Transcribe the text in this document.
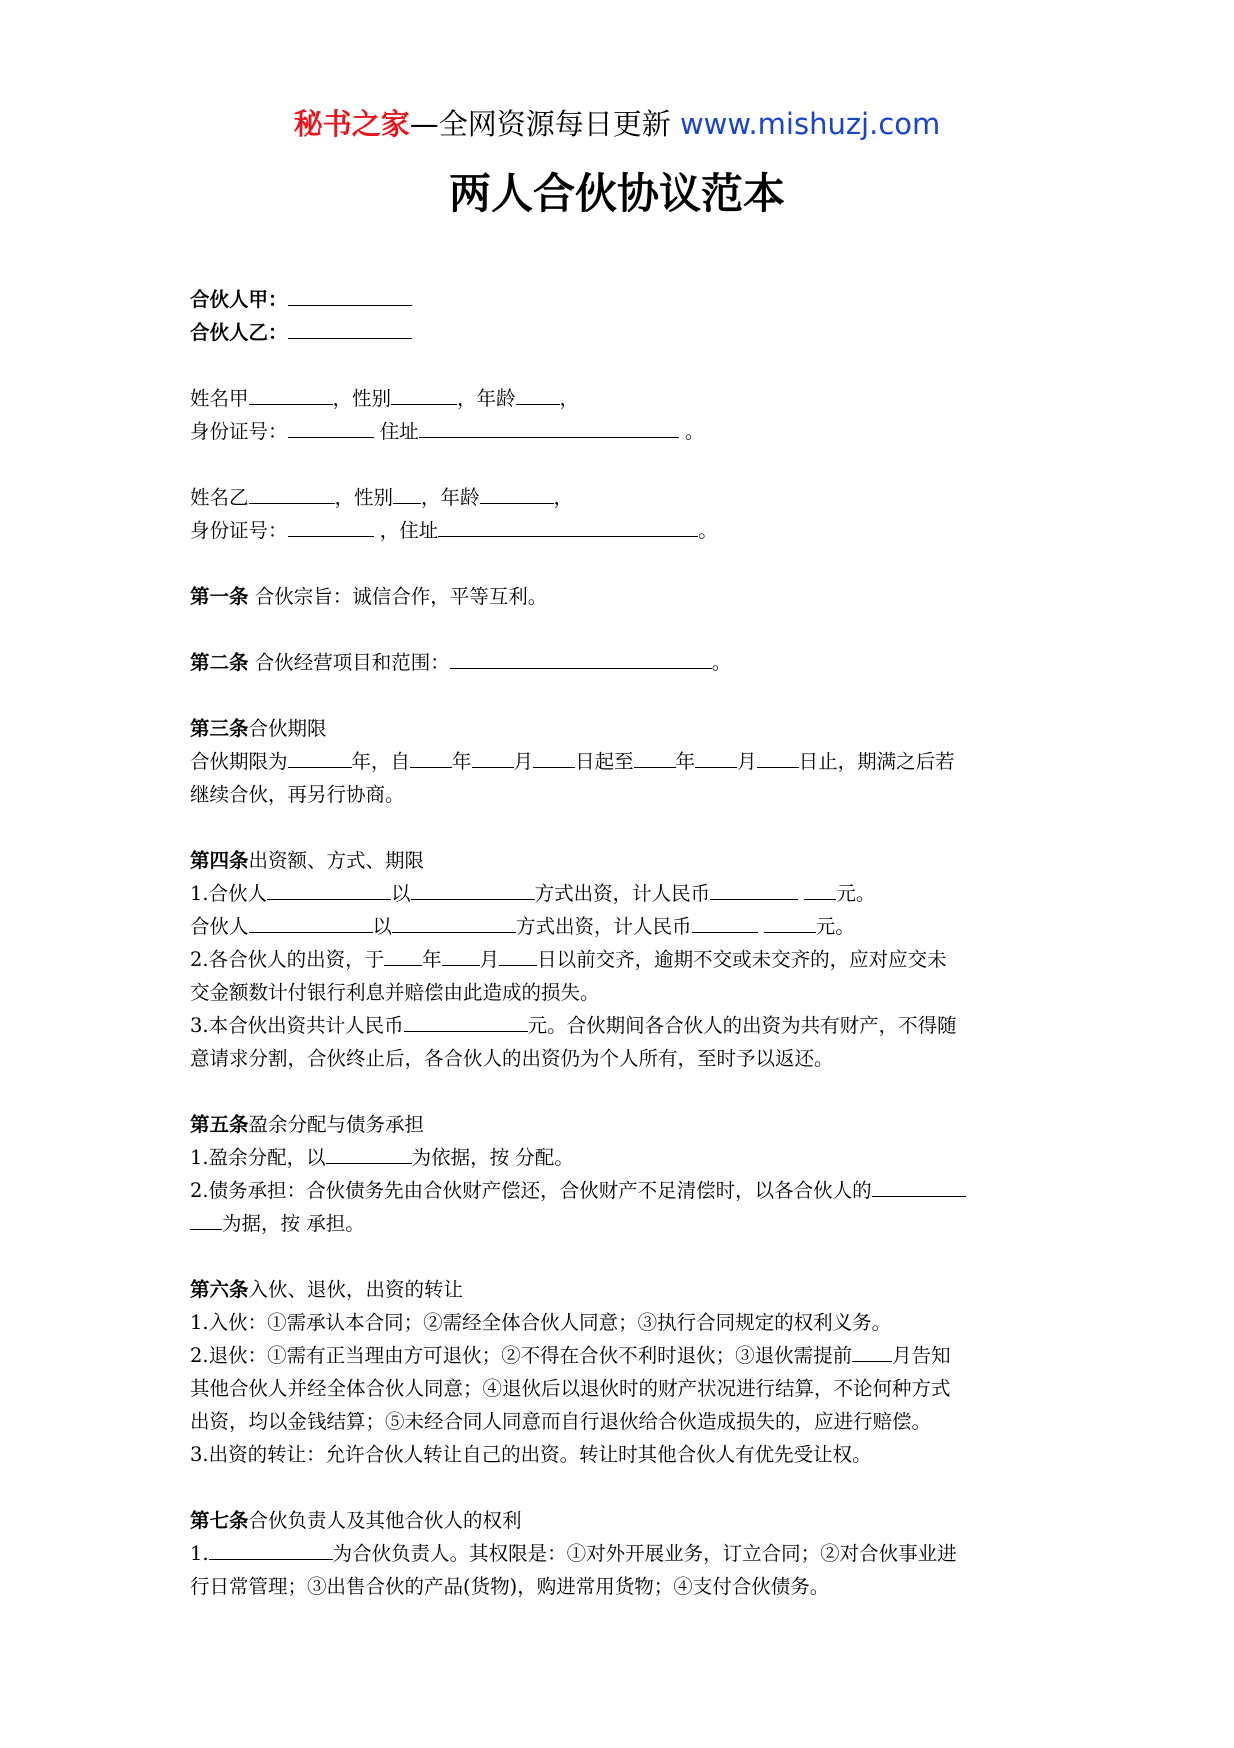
秘书之家—全网资源每日更新 www.mishuzj.com
两人合伙协议范本
合伙人甲：
合伙人乙：
姓名甲	，性别	，年龄 ，
身份证号：	住址	。
姓名乙	，性别 ，年龄	，
身份证号：	，住址	。
第一条 合伙宗旨：诚信合作，平等互利。
第二条 合伙经营项目和范围：	。
第三条合伙期限
合伙期限为	年，自 年 月 日起至 年 月 日止，期满之后若
继续合伙，再另行协商。
第四条出资额、方式、期限
1.合伙人	以	方式出资，计人民币	元。
合伙人	以	方式出资，计人民币	元。
2.各合伙人的出资，于 年 月 日以前交齐，逾期不交或未交齐的，应对应交未
交金额数计付银行利息并赔偿由此造成的损失。
3.本合伙出资共计人民币	元。合伙期间各合伙人的出资为共有财产，不得随
意请求分割，合伙终止后，各合伙人的出资仍为个人所有，至时予以返还。
第五条盈余分配与债务承担
1.盈余分配，以	为依据，按 分配。
2.债务承担：合伙债务先由合伙财产偿还，合伙财产不足清偿时，以各合伙人的
为据，按 承担。
第六条入伙、退伙，出资的转让
1.入伙：①需承认本合同；②需经全体合伙人同意；③执行合同规定的权利义务。
2.退伙：①需有正当理由方可退伙；②不得在合伙不利时退伙；③退伙需提前 月告知
其他合伙人并经全体合伙人同意；④退伙后以退伙时的财产状况进行结算，不论何种方式
出资，均以金钱结算；⑤未经合同人同意而自行退伙给合伙造成损失的，应进行赔偿。
3.出资的转让：允许合伙人转让自己的出资。转让时其他合伙人有优先受让权。
第七条合伙负责人及其他合伙人的权利
1.	为合伙负责人。其权限是：①对外开展业务，订立合同；②对合伙事业进
行日常管理；③出售合伙的产品(货物)，购进常用货物；④支付合伙债务。
